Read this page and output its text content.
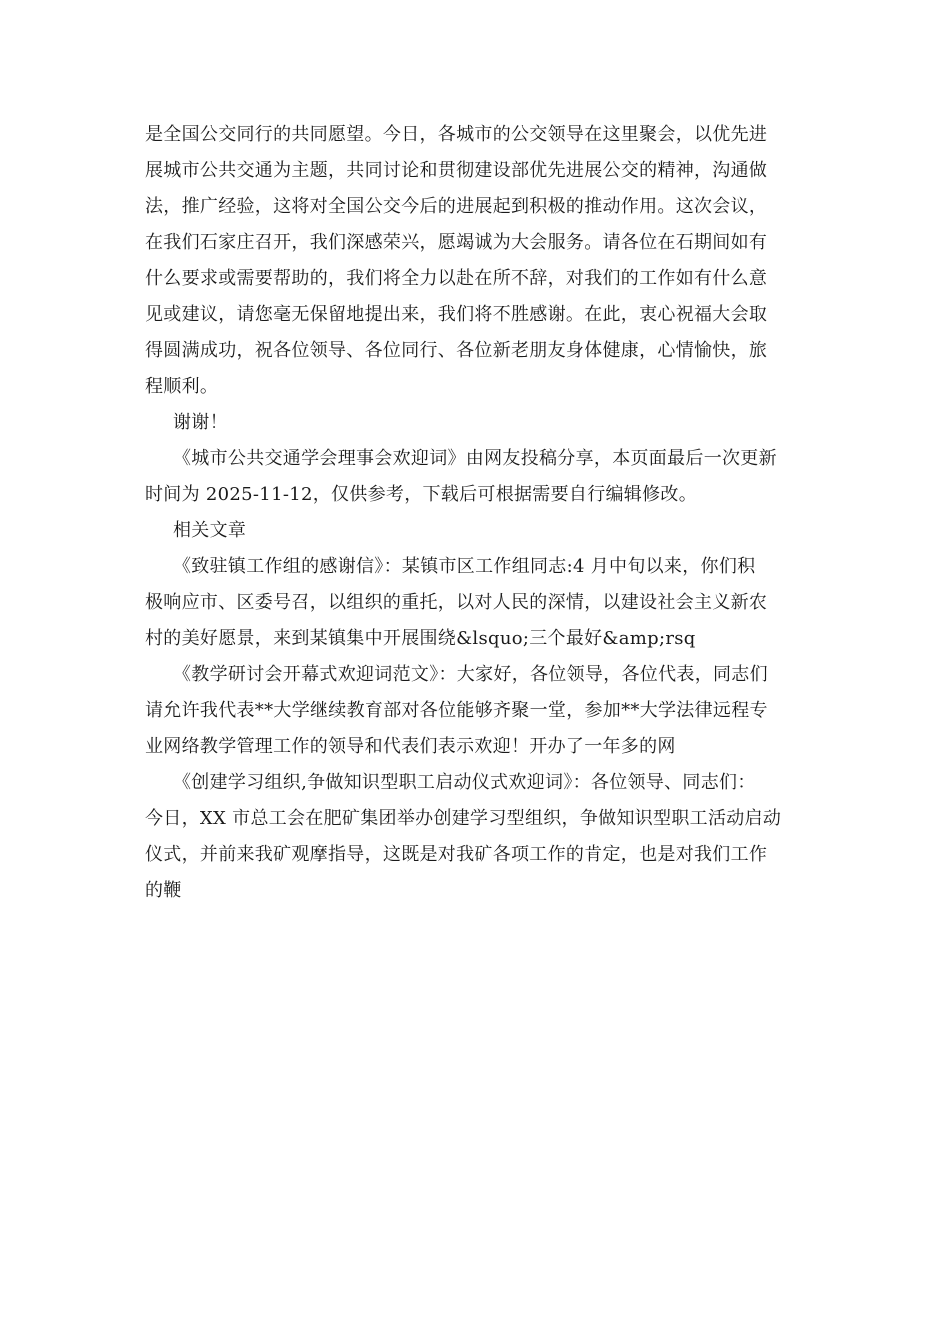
是全国公交同行的共同愿望。今日，各城市的公交领导在这里聚会，以优先进
展城市公共交通为主题，共同讨论和贯彻建设部优先进展公交的精神，沟通做
法，推广经验，这将对全国公交今后的进展起到积极的推动作用。这次会议，
在我们石家庄召开，我们深感荣兴，愿竭诚为大会服务。请各位在石期间如有
什么要求或需要帮助的，我们将全力以赴在所不辞，对我们的工作如有什么意
见或建议，请您毫无保留地提出来，我们将不胜感谢。在此，衷心祝福大会取
得圆满成功，祝各位领导、各位同行、各位新老朋友身体健康，心情愉快，旅
程顺利。
谢谢！
《城市公共交通学会理事会欢迎词》由网友投稿分享，本页面最后一次更新
时间为 2025-11-12，仅供参考，下载后可根据需要自行编辑修改。
相关文章
《致驻镇工作组的感谢信》：某镇市区工作组同志:4 月中旬以来，你们积
极响应市、区委号召，以组织的重托，以对人民的深情，以建设社会主义新农
村的美好愿景，来到某镇集中开展围绕&lsquo;三个最好&amp;rsq
《教学研讨会开幕式欢迎词范文》：大家好，各位领导，各位代表，同志们
请允许我代表**大学继续教育部对各位能够齐聚一堂，参加**大学法律远程专
业网络教学管理工作的领导和代表们表示欢迎！开办了一年多的网
《创建学习组织,争做知识型职工启动仪式欢迎词》：各位领导、同志们：
今日，XX 市总工会在肥矿集团举办创建学习型组织，争做知识型职工活动启动
仪式，并前来我矿观摩指导，这既是对我矿各项工作的肯定，也是对我们工作
的鞭
